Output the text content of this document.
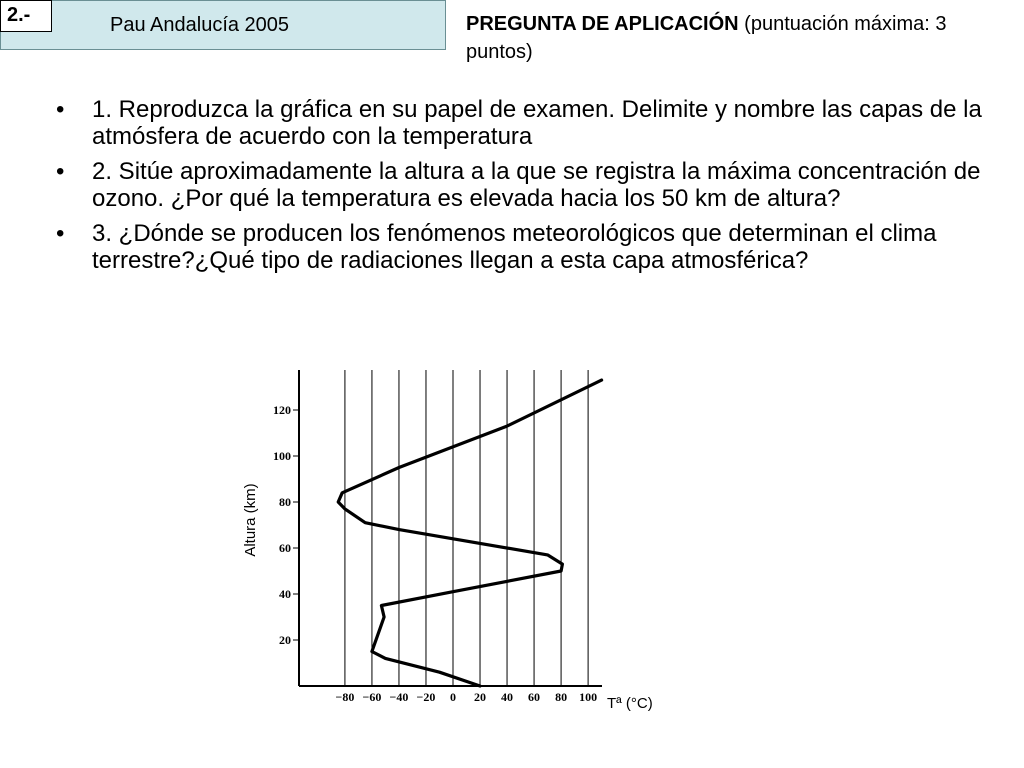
2.-	Pau Andalucía 2005	PREGUNTA DE APLICACIÓN (puntuación máxima: 3 puntos)
• 1. Reproduzca la gráfica en su papel de examen. Delimite y nombre las capas de la atmósfera de acuerdo con la temperatura
• 2. Sitúe aproximadamente la altura a la que se registra la máxima concentración de ozono. ¿Por qué la temperatura es elevada hacia los 50 km de altura?
• 3. ¿Dónde se producen los fenómenos meteorológicos que determinan el clima terrestre?¿Qué tipo de radiaciones llegan a esta capa atmosférica?
20
40
60
80
100
120
−80 −60 −40 −20 0 20 40 60 80 100
Altura (km)
Tª (°C)
